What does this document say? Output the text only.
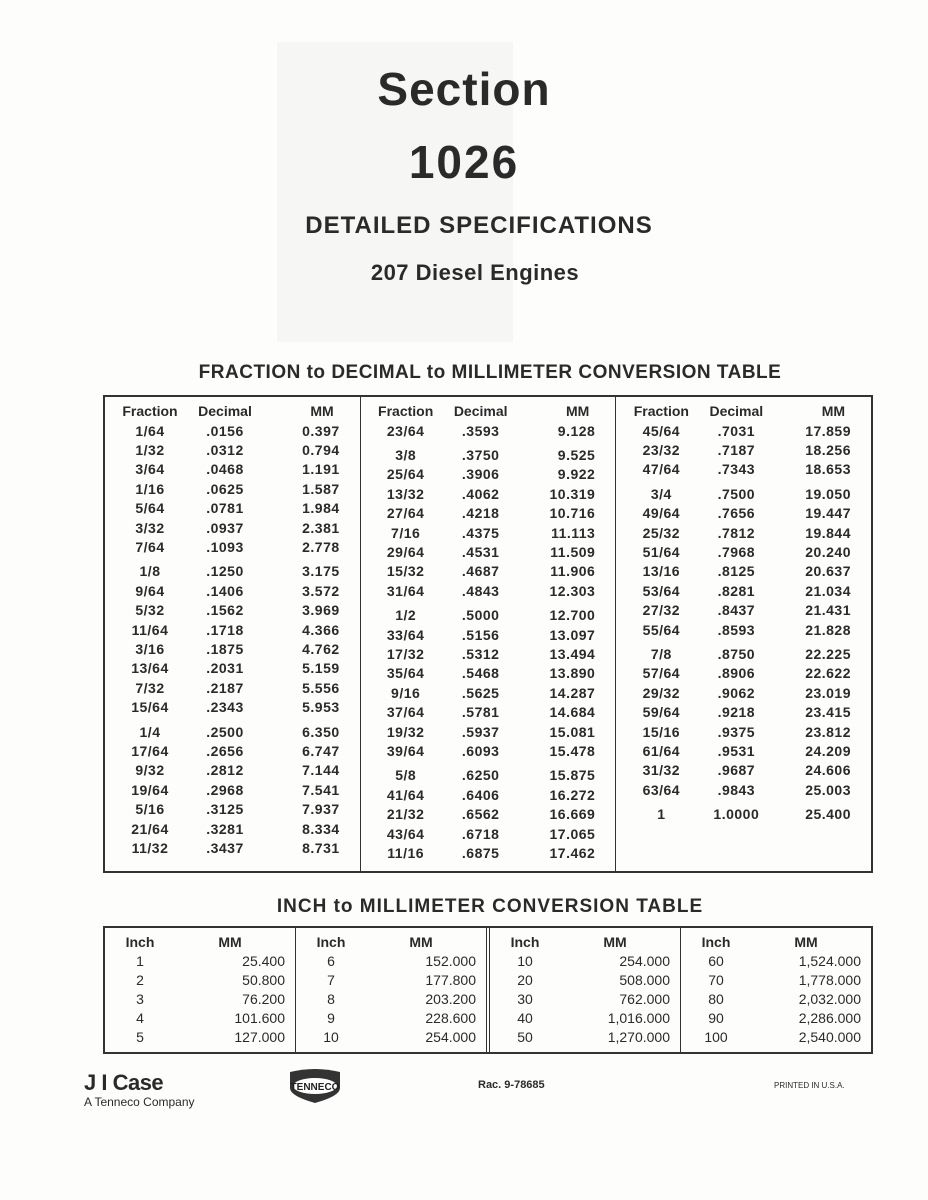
Section
1026
DETAILED SPECIFICATIONS
207 Diesel Engines
FRACTION to DECIMAL to MILLIMETER CONVERSION TABLE
Fraction	Decimal	MM
1/64	.0156	0.397
1/32	.0312	0.794
3/64	.0468	1.191
1/16	.0625	1.587
5/64	.0781	1.984
3/32	.0937	2.381
7/64	.1093	2.778
1/8	.1250	3.175
9/64	.1406	3.572
5/32	.1562	3.969
11/64	.1718	4.366
3/16	.1875	4.762
13/64	.2031	5.159
7/32	.2187	5.556
15/64	.2343	5.953
1/4	.2500	6.350
17/64	.2656	6.747
9/32	.2812	7.144
19/64	.2968	7.541
5/16	.3125	7.937
21/64	.3281	8.334
11/32	.3437	8.731
Fraction	Decimal	MM
23/64	.3593	9.128
3/8	.3750	9.525
25/64	.3906	9.922
13/32	.4062	10.319
27/64	.4218	10.716
7/16	.4375	11.113
29/64	.4531	11.509
15/32	.4687	11.906
31/64	.4843	12.303
1/2	.5000	12.700
33/64	.5156	13.097
17/32	.5312	13.494
35/64	.5468	13.890
9/16	.5625	14.287
37/64	.5781	14.684
19/32	.5937	15.081
39/64	.6093	15.478
5/8	.6250	15.875
41/64	.6406	16.272
21/32	.6562	16.669
43/64	.6718	17.065
11/16	.6875	17.462
Fraction	Decimal	MM
45/64	.7031	17.859
23/32	.7187	18.256
47/64	.7343	18.653
3/4	.7500	19.050
49/64	.7656	19.447
25/32	.7812	19.844
51/64	.7968	20.240
13/16	.8125	20.637
53/64	.8281	21.034
27/32	.8437	21.431
55/64	.8593	21.828
7/8	.8750	22.225
57/64	.8906	22.622
29/32	.9062	23.019
59/64	.9218	23.415
15/16	.9375	23.812
61/64	.9531	24.209
31/32	.9687	24.606
63/64	.9843	25.003
1	1.0000	25.400
INCH to MILLIMETER CONVERSION TABLE
Inch	MM
1	25.400
2	50.800
3	76.200
4	101.600
5	127.000
Inch	MM
6	152.000
7	177.800
8	203.200
9	228.600
10	254.000
Inch	MM
10	254.000
20	508.000
30	762.000
40	1,016.000
50	1,270.000
Inch	MM
60	1,524.000
70	1,778.000
80	2,032.000
90	2,286.000
100	2,540.000
J I Case
A Tenneco Company
TENNECO	Rac. 9-78685	PRINTED IN U.S.A.
